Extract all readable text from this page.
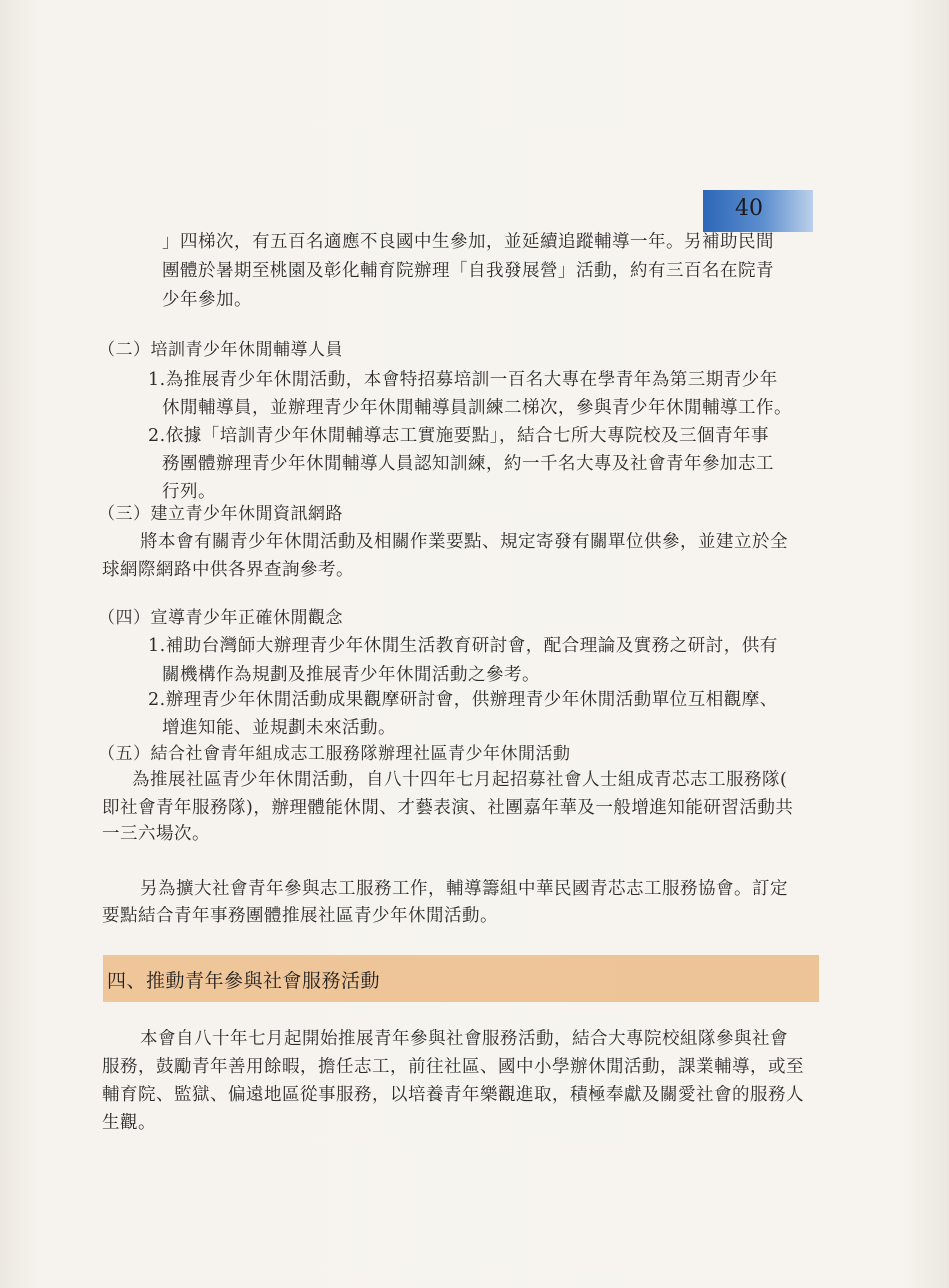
40
」四梯次，有五百名適應不良國中生參加，並延續追蹤輔導一年。另補助民間
團體於暑期至桃園及彰化輔育院辦理「自我發展營」活動，約有三百名在院青
少年參加。
（二）培訓青少年休閒輔導人員
1.為推展青少年休閒活動，本會特招募培訓一百名大專在學青年為第三期青少年
休閒輔導員，並辦理青少年休閒輔導員訓練二梯次，參與青少年休閒輔導工作。
2.依據「培訓青少年休閒輔導志工實施要點」，結合七所大專院校及三個青年事
務團體辦理青少年休閒輔導人員認知訓練，約一千名大專及社會青年參加志工
行列。
（三）建立青少年休閒資訊網路
將本會有關青少年休閒活動及相關作業要點、規定寄發有關單位供參，並建立於全
球網際網路中供各界查詢參考。
（四）宣導青少年正確休閒觀念
1.補助台灣師大辦理青少年休閒生活教育研討會，配合理論及實務之研討，供有
關機構作為規劃及推展青少年休閒活動之參考。
2.辦理青少年休閒活動成果觀摩研討會，供辦理青少年休閒活動單位互相觀摩、
增進知能、並規劃未來活動。
（五）結合社會青年組成志工服務隊辦理社區青少年休閒活動
為推展社區青少年休閒活動，自八十四年七月起招募社會人士組成青芯志工服務隊(
即社會青年服務隊)，辦理體能休閒、才藝表演、社團嘉年華及一般增進知能研習活動共
一三六場次。
另為擴大社會青年參與志工服務工作，輔導籌組中華民國青芯志工服務協會。訂定
要點結合青年事務團體推展社區青少年休閒活動。
四、推動青年參與社會服務活動
本會自八十年七月起開始推展青年參與社會服務活動，結合大專院校組隊參與社會
服務，鼓勵青年善用餘暇，擔任志工，前往社區、國中小學辦休閒活動，課業輔導，或至
輔育院、監獄、偏遠地區從事服務，以培養青年樂觀進取，積極奉獻及關愛社會的服務人
生觀。
